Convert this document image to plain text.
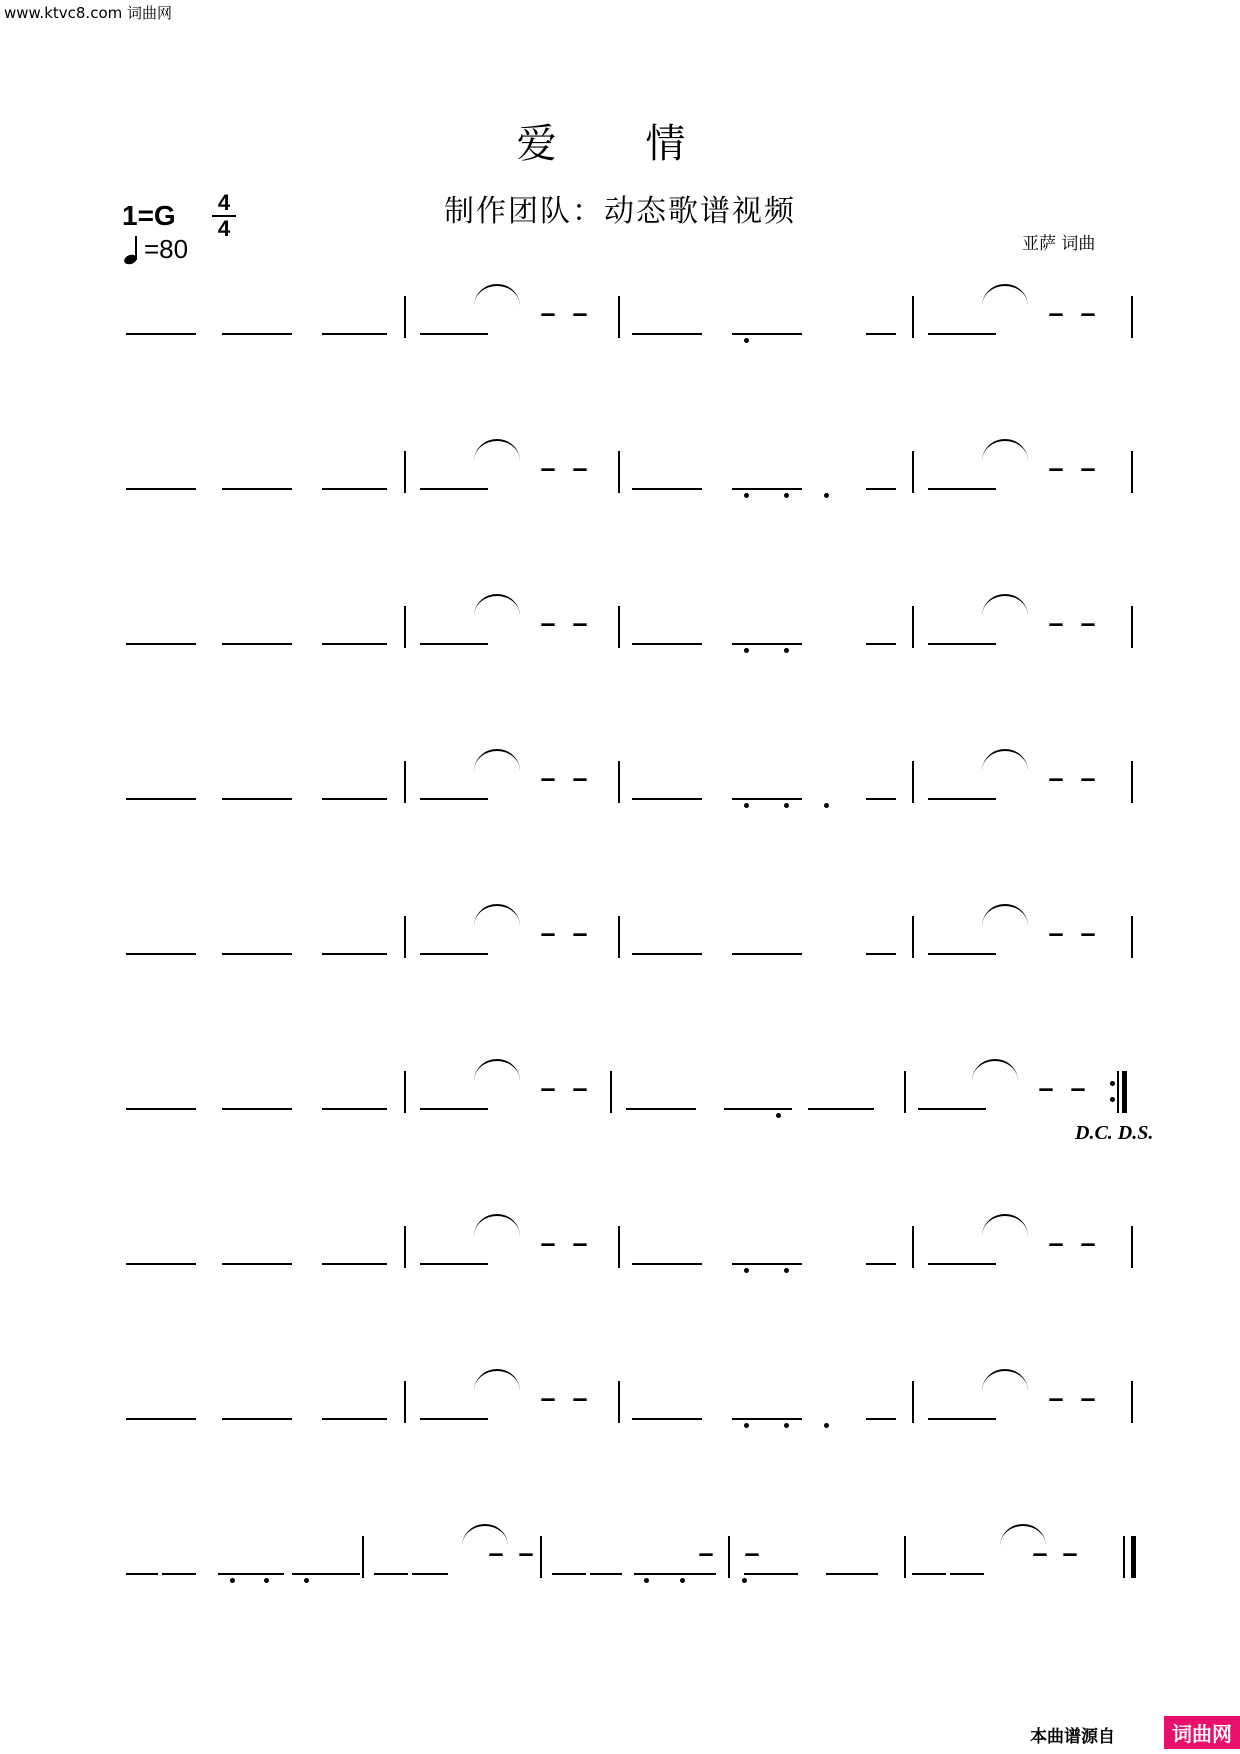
www.ktvc8.com 词曲网
爱 情
制作团队：动态歌谱视频
亚萨 词曲
1=G 4
4
=80
D.C. D.S.
本曲谱源自	词曲网
– –	– –
– –	– –
– –	– –
– –	– –
– –	– –
– –	– –
– –	– –
– –	– –
– –	– –
– –
